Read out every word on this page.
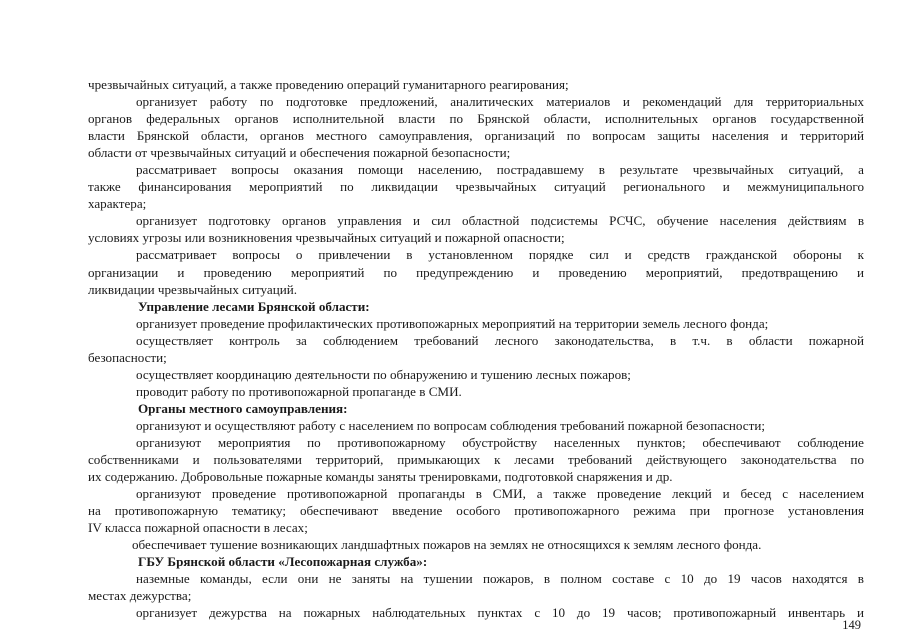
чрезвычайных ситуаций, а также проведению операций гуманитарного реагирования;
организует работу по подготовке предложений, аналитических материалов и рекомендаций для территориальных
органов федеральных органов исполнительной власти по Брянской области, исполнительных органов государственной
власти Брянской области, органов местного самоуправления, организаций по вопросам защиты населения и территорий
области от чрезвычайных ситуаций и обеспечения пожарной безопасности;
рассматривает вопросы оказания помощи населению, пострадавшему в результате чрезвычайных ситуаций, а
также финансирования мероприятий по ликвидации чрезвычайных ситуаций регионального и межмуниципального
характера;
организует подготовку органов управления и сил областной подсистемы РСЧС, обучение населения действиям в
условиях угрозы или возникновения чрезвычайных ситуаций и пожарной опасности;
рассматривает вопросы о привлечении в установленном порядке сил и средств гражданской обороны к
организации и проведению мероприятий по предупреждению и проведению мероприятий, предотвращению и
ликвидации чрезвычайных ситуаций.
Управление лесами Брянской области:
организует проведение профилактических противопожарных мероприятий на территории земель лесного фонда;
осуществляет контроль за соблюдением требований лесного законодательства, в т.ч. в области пожарной
безопасности;
осуществляет координацию деятельности по обнаружению и тушению лесных пожаров;
проводит работу по противопожарной пропаганде в СМИ.
Органы местного самоуправления:
организуют и осуществляют работу с населением по вопросам соблюдения требований пожарной безопасности;
организуют мероприятия по противопожарному обустройству населенных пунктов; обеспечивают соблюдение
собственниками и пользователями территорий, примыкающих к лесами требований действующего законодательства по
их содержанию. Добровольные пожарные команды заняты тренировками, подготовкой снаряжения и др.
организуют проведение противопожарной пропаганды в СМИ, а также проведение лекций и бесед с населением
на противопожарную тематику; обеспечивают введение особого противопожарного режима при прогнозе установления
IV класса пожарной опасности в лесах;
обеспечивает тушение возникающих ландшафтных пожаров на землях не относящихся к землям лесного фонда.
ГБУ Брянской области «Лесопожарная служба»:
наземные команды, если они не заняты на тушении пожаров, в полном составе с 10 до 19 часов находятся в
местах дежурства;
организует дежурства на пожарных наблюдательных пунктах с 10 до 19 часов; противопожарный инвентарь и
149
